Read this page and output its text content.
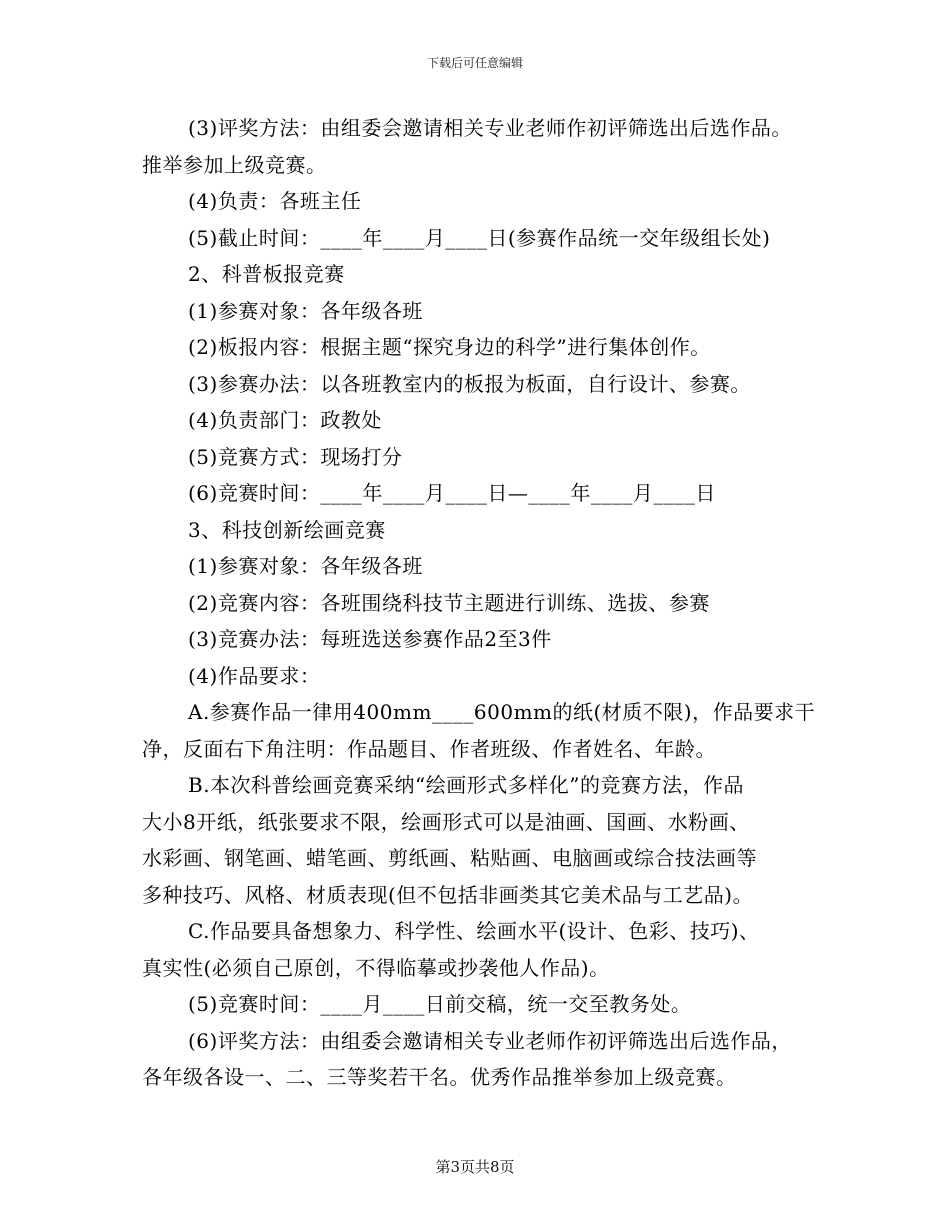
下载后可任意编辑
(3)评奖方法：由组委会邀请相关专业老师作初评筛选出后选作品。
推举参加上级竞赛。
(4)负责：各班主任
(5)截止时间：____年____月____日(参赛作品统一交年级组长处)
2、科普板报竞赛
(1)参赛对象：各年级各班
(2)板报内容：根据主题“探究身边的科学”进行集体创作。
(3)参赛办法：以各班教室内的板报为板面，自行设计、参赛。
(4)负责部门：政教处
(5)竞赛方式：现场打分
(6)竞赛时间：____年____月____日—____年____月____日
3、科技创新绘画竞赛
(1)参赛对象：各年级各班
(2)竞赛内容：各班围绕科技节主题进行训练、选拔、参赛
(3)竞赛办法：每班选送参赛作品2至3件
(4)作品要求：
A.参赛作品一律用400mm____600mm的纸(材质不限)，作品要求干
净，反面右下角注明：作品题目、作者班级、作者姓名、年龄。
B.本次科普绘画竞赛采纳“绘画形式多样化”的竞赛方法，作品
大小8开纸，纸张要求不限，绘画形式可以是油画、国画、水粉画、
水彩画、钢笔画、蜡笔画、剪纸画、粘贴画、电脑画或综合技法画等
多种技巧、风格、材质表现(但不包括非画类其它美术品与工艺品)。
C.作品要具备想象力、科学性、绘画水平(设计、色彩、技巧)、
真实性(必须自己原创，不得临摹或抄袭他人作品)。
(5)竞赛时间：____月____日前交稿，统一交至教务处。
(6)评奖方法：由组委会邀请相关专业老师作初评筛选出后选作品，
各年级各设一、二、三等奖若干名。优秀作品推举参加上级竞赛。
第3页共8页
